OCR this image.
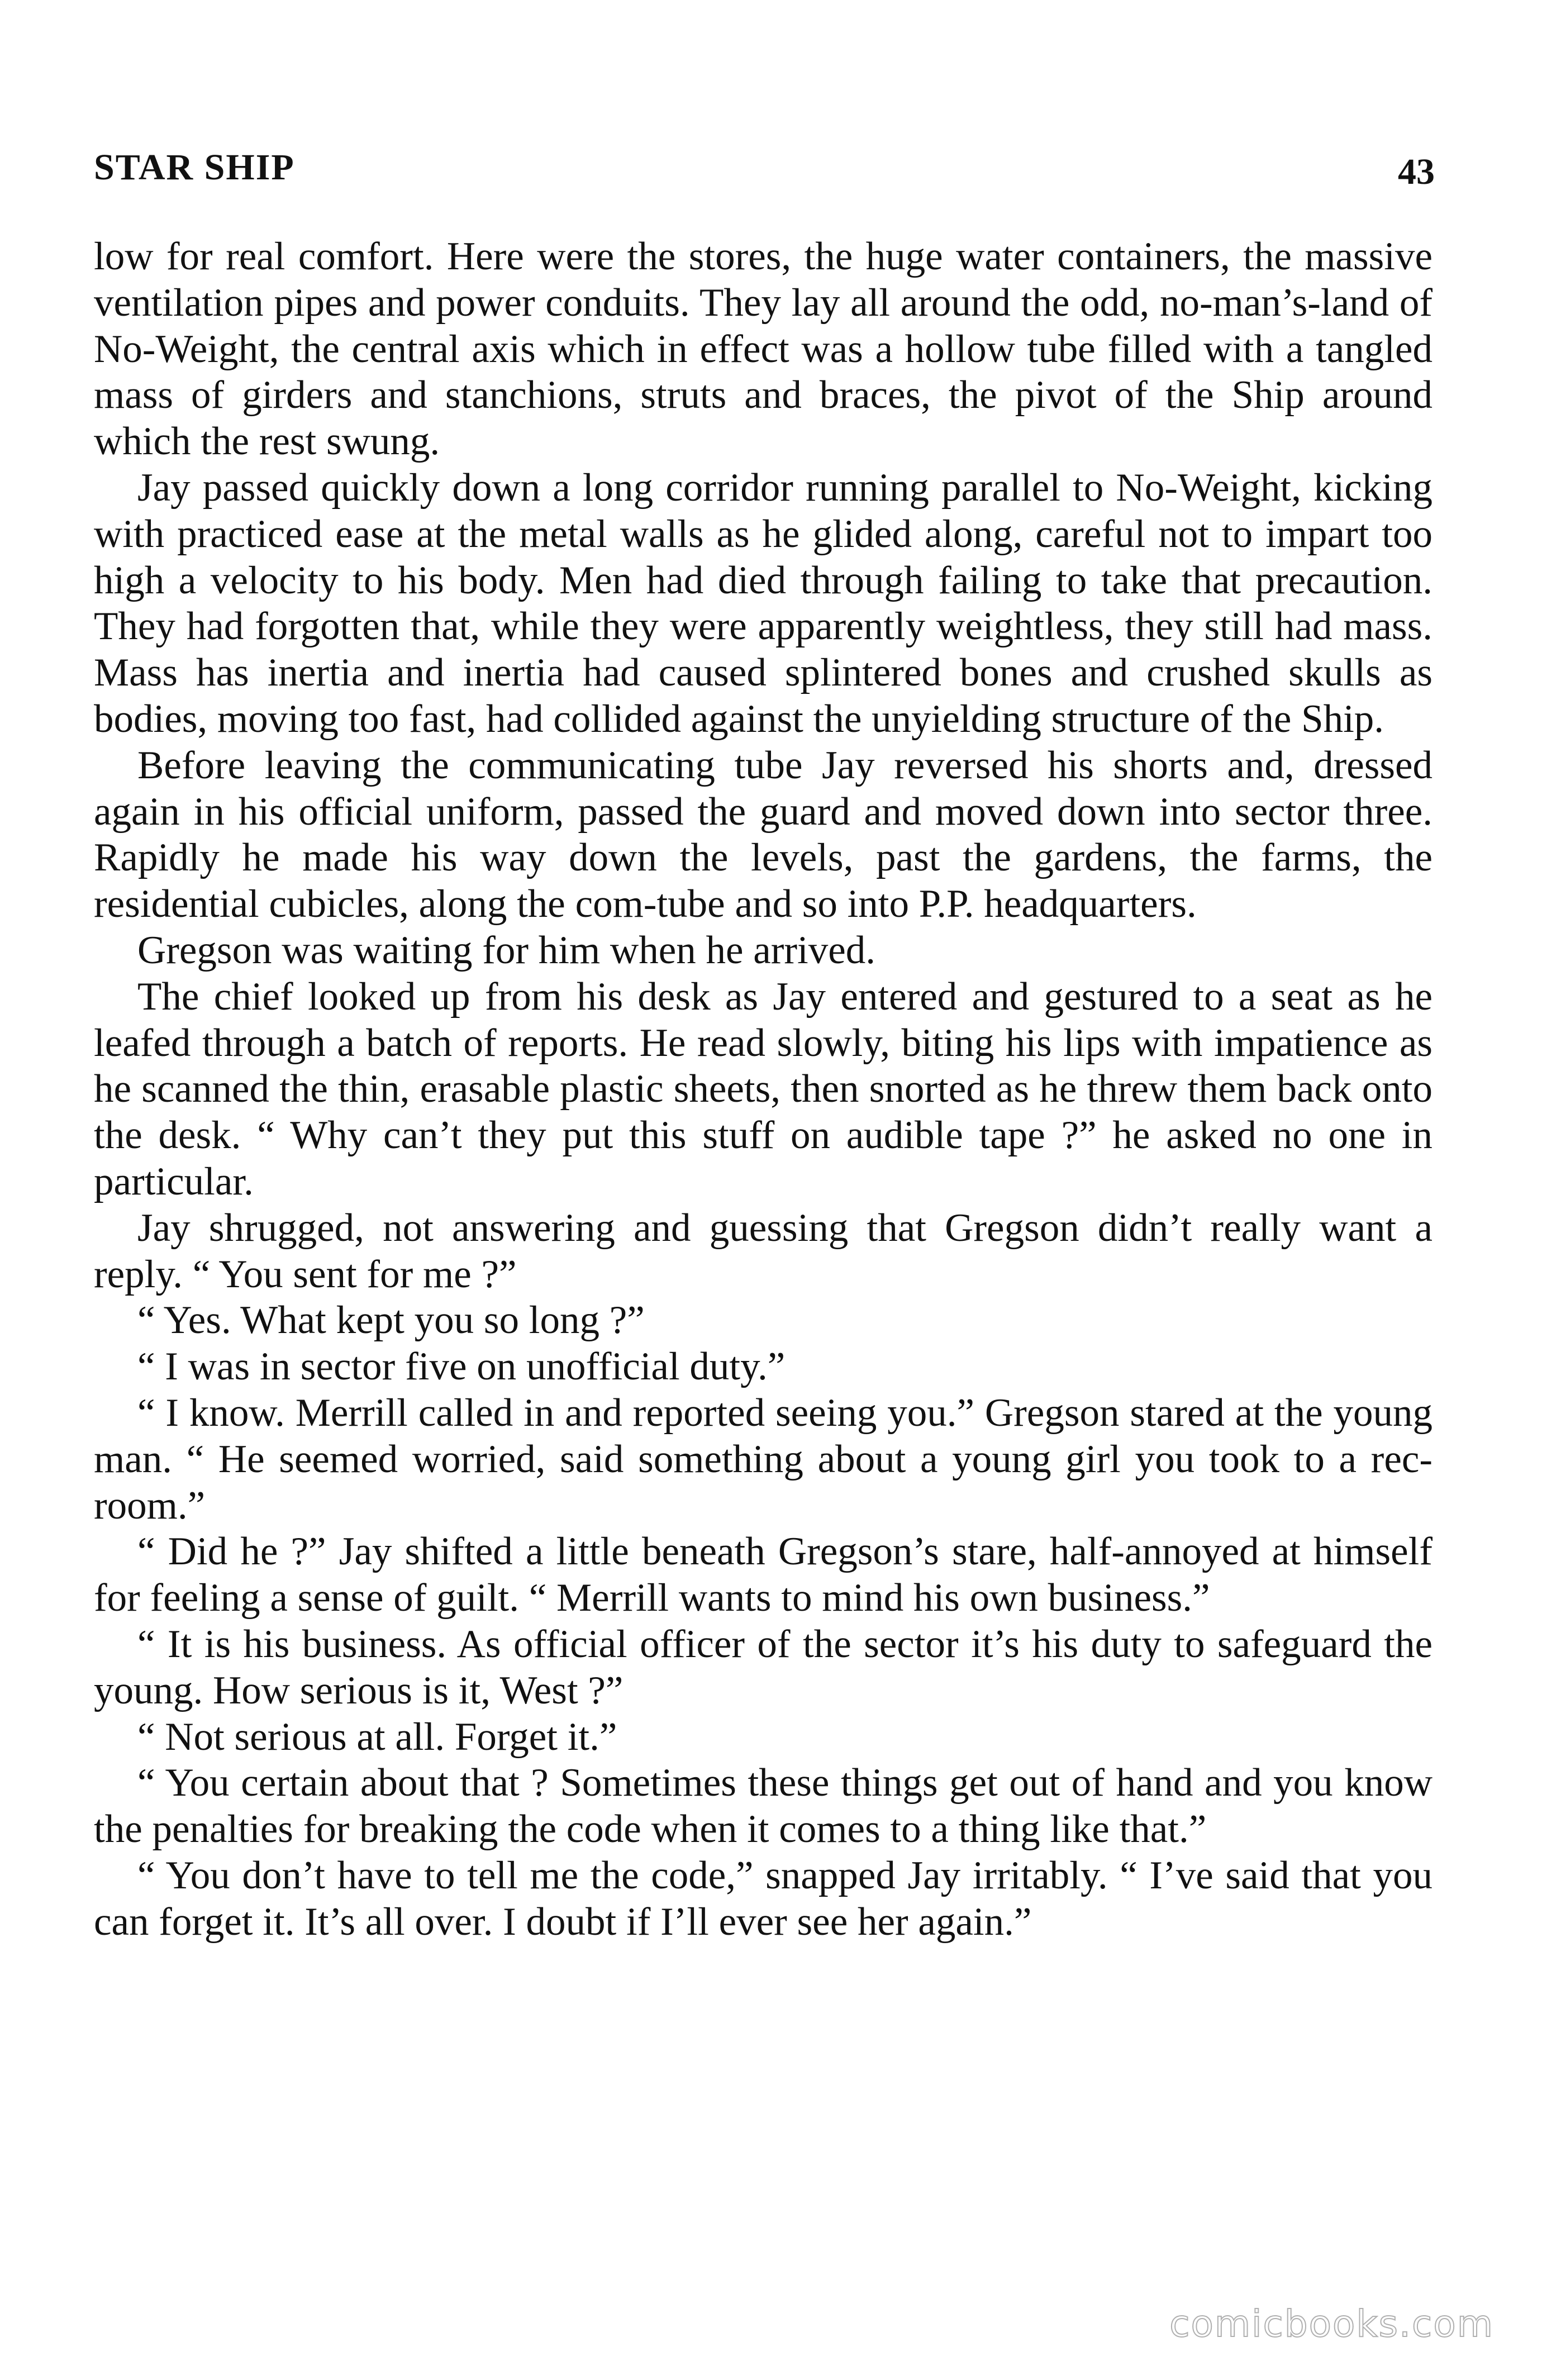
STAR SHIP	43

low for real comfort. Here were the stores, the huge water containers, the massive ventilation pipes and power conduits. They lay all around the odd, no-man’s-land of No-Weight, the central axis which in effect was a hollow tube filled with a tangled mass of girders and stanchions, struts and braces, the pivot of the Ship around which the rest swung.

Jay passed quickly down a long corridor running parallel to No-Weight, kicking with practiced ease at the metal walls as he glided along, careful not to impart too high a velocity to his body. Men had died through failing to take that precaution. They had forgotten that, while they were apparently weightless, they still had mass. Mass has inertia and inertia had caused splintered bones and crushed skulls as bodies, moving too fast, had collided against the unyielding structure of the Ship.

Before leaving the communicating tube Jay reversed his shorts and, dressed again in his official uniform, passed the guard and moved down into sector three. Rapidly he made his way down the levels, past the gardens, the farms, the residential cubicles, along the com-tube and so into P.P. headquarters.

Gregson was waiting for him when he arrived.

The chief looked up from his desk as Jay entered and gestured to a seat as he leafed through a batch of reports. He read slowly, biting his lips with impatience as he scanned the thin, erasable plastic sheets, then snorted as he threw them back onto the desk. “ Why can’t they put this stuff on audible tape ?” he asked no one in particular.

Jay shrugged, not answering and guessing that Gregson didn’t really want a reply. “ You sent for me ?”

“ Yes. What kept you so long ?”

“ I was in sector five on unofficial duty.”

“ I know. Merrill called in and reported seeing you.” Gregson stared at the young man. “ He seemed worried, said something about a young girl you took to a rec-room.”

“ Did he ?” Jay shifted a little beneath Gregson’s stare, half-annoyed at himself for feeling a sense of guilt. “ Merrill wants to mind his own business.”

“ It is his business. As official officer of the sector it’s his duty to safeguard the young. How serious is it, West ?”

“ Not serious at all. Forget it.”

“ You certain about that ? Sometimes these things get out of hand and you know the penalties for breaking the code when it comes to a thing like that.”

“ You don’t have to tell me the code,” snapped Jay irritably. “ I’ve said that you can forget it. It’s all over. I doubt if I’ll ever see her again.”

comicbooks.com
